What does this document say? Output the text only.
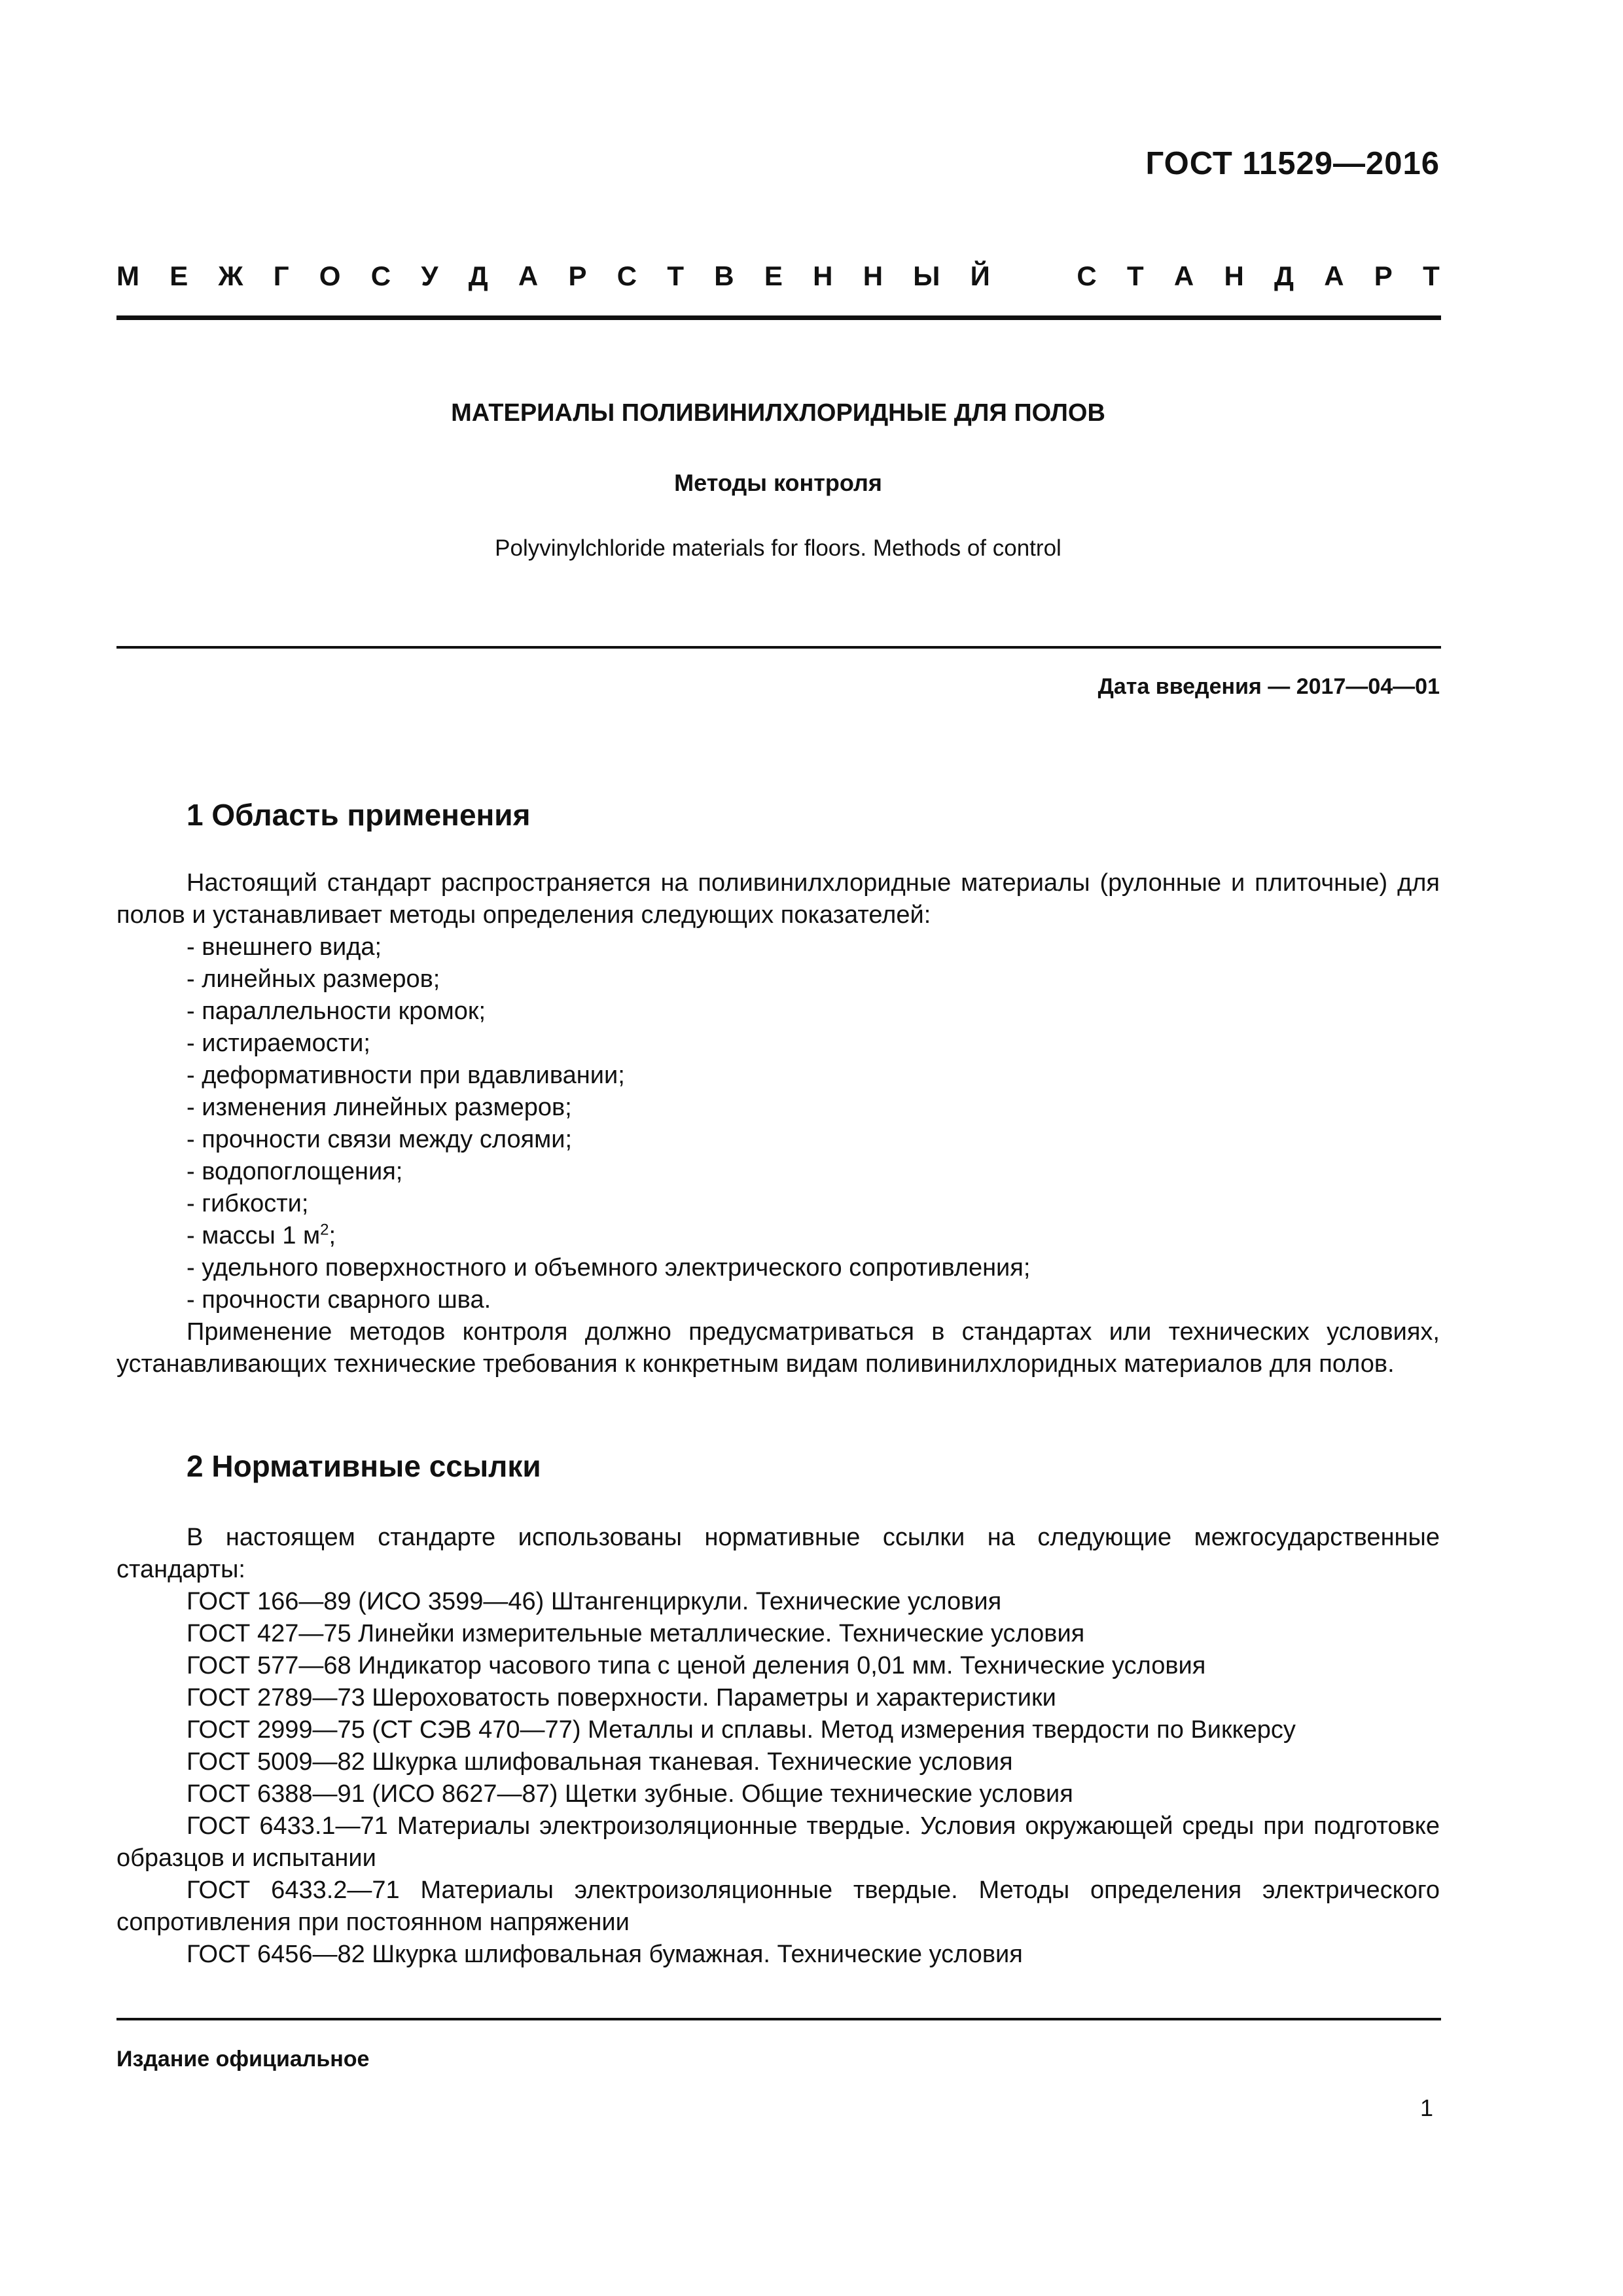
ГОСТ 11529—2016
М Е Ж Г О С У Д А Р С Т В Е Н Н Ы Й	С Т А Н Д А Р Т
МАТЕРИАЛЫ ПОЛИВИНИЛХЛОРИДНЫЕ ДЛЯ ПОЛОВ
Методы контроля
Polyvinylchloride materials for floors. Methods of control
Дата введения — 2017—04—01
1 Область применения

Настоящий стандарт распространяется на поливинилхлоридные материалы (рулонные и плиточные) для полов и устанавливает методы определения следующих показателей:

- внешнего вида;
- линейных размеров;
- параллельности кромок;
- истираемости;
- деформативности при вдавливании;
- изменения линейных размеров;
- прочности связи между слоями;
- водопоглощения;
- гибкости;
- массы 1 $м^2$;
- удельного поверхностного и объемного электрического сопротивления;
- прочности сварного шва.

Применение методов контроля должно предусматриваться в стандартах или технических условиях, устанавливающих технические требования к конкретным видам поливинилхлоридных материалов для полов.

2 Нормативные ссылки

В настоящем стандарте использованы нормативные ссылки на следующие межгосударственные стандарты:

ГОСТ 166—89 (ИСО 3599—46) Штангенциркули. Технические условия

ГОСТ 427—75 Линейки измерительные металлические. Технические условия

ГОСТ 577—68 Индикатор часового типа с ценой деления 0,01 мм. Технические условия

ГОСТ 2789—73 Шероховатость поверхности. Параметры и характеристики

ГОСТ 2999—75 (СТ СЭВ 470—77) Металлы и сплавы. Метод измерения твердости по Виккерсу

ГОСТ 5009—82 Шкурка шлифовальная тканевая. Технические условия

ГОСТ 6388—91 (ИСО 8627—87) Щетки зубные. Общие технические условия

ГОСТ 6433.1—71 Материалы электроизоляционные твердые. Условия окружающей среды при подготовке образцов и испытании

ГОСТ 6433.2—71 Материалы электроизоляционные твердые. Методы определения электрического сопротивления при постоянном напряжении

ГОСТ 6456—82 Шкурка шлифовальная бумажная. Технические условия

Издание официальное
1
